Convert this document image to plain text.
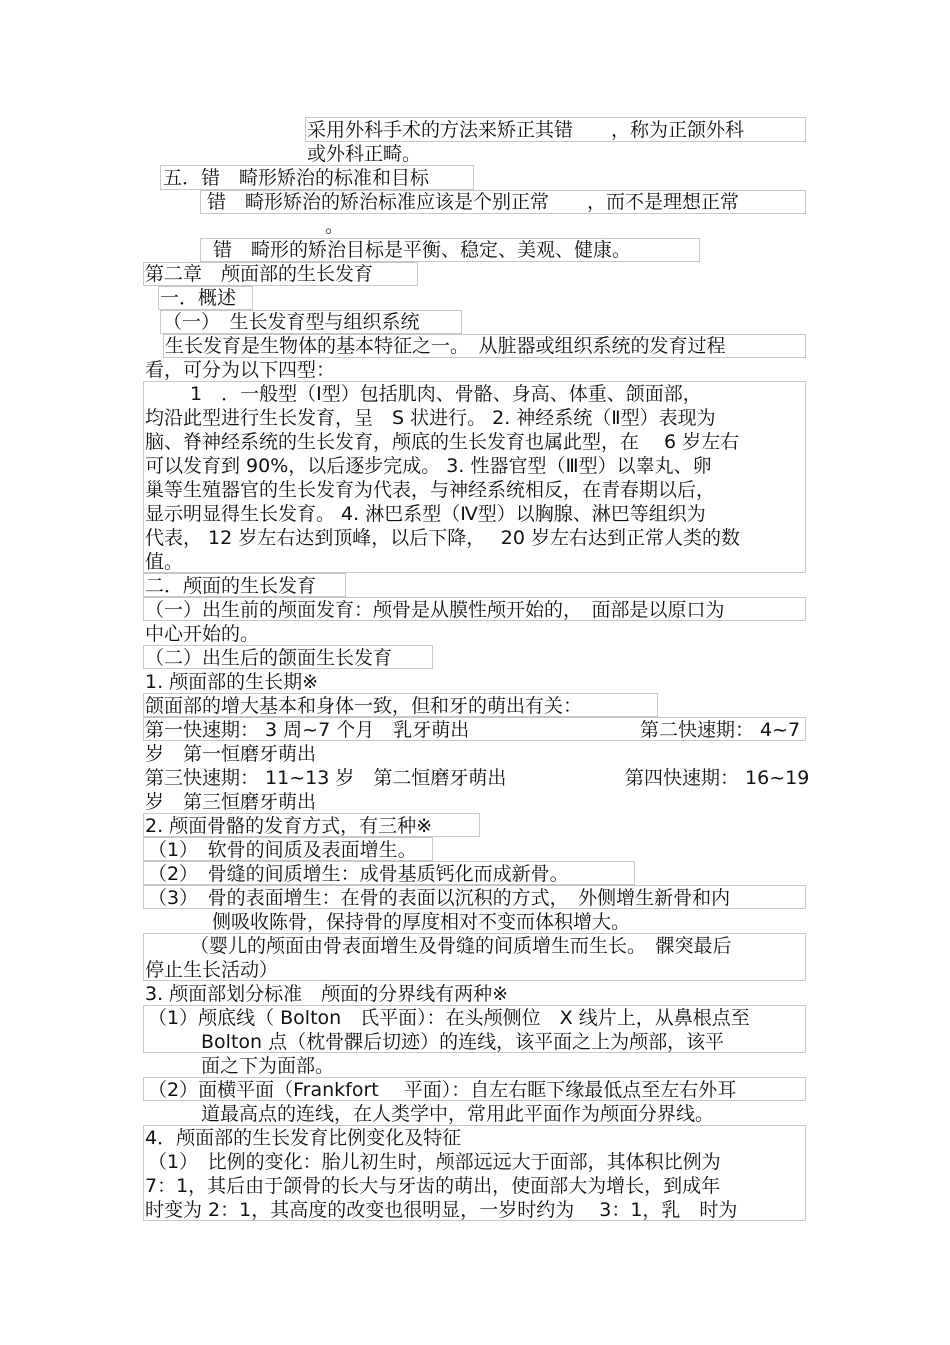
采用外科手术的方法来矫正其错　　，称为正颌外科
或外科正畸。
五．错　畸形矫治的标准和目标
错　畸形矫治的矫治标准应该是个别正常　　，而不是理想正常
。
错　畸形的矫治目标是平衡、稳定、美观、健康。
第二章　颅面部的生长发育
一．概述
（一）　生长发育型与组织系统
生长发育是生物体的基本特征之一。　从脏器或组织系统的发育过程
看，可分为以下四型：
1　．一般型（Ⅰ型）包括肌肉、骨骼、身高、体重、颌面部，
均沿此型进行生长发育，呈　S 状进行。 2. 神经系统（Ⅱ型）表现为
脑、脊神经系统的生长发育，颅底的生长发育也属此型，在　 6 岁左右
可以发育到 90%，以后逐步完成。 3. 性器官型（Ⅲ型）以睾丸、卵
巢等生殖器官的生长发育为代表，与神经系统相反，在青春期以后，
显示明显得生长发育。 4. 淋巴系型（Ⅳ型）以胸腺、淋巴等组织为
代表， 12 岁左右达到顶峰，以后下降，　 20 岁左右达到正常人类的数
值。
二．颅面的生长发育
（一）出生前的颅面发育：颅骨是从膜性颅开始的，　面部是以原口为
中心开始的。
（二）出生后的颌面生长发育
1. 颅面部的生长期※
颌面部的增大基本和身体一致，但和牙的萌出有关：
第一快速期： 3 周~7 个月　乳牙萌出	第二快速期： 4~7
岁　第一恒磨牙萌出
第三快速期： 11~13 岁　第二恒磨牙萌出	第四快速期： 16~19
岁　第三恒磨牙萌出
2. 颅面骨骼的发育方式，有三种※
（1）　软骨的间质及表面增生。
（2）　骨缝的间质增生：成骨基质钙化而成新骨。
（3）　骨的表面增生：在骨的表面以沉积的方式，　外侧增生新骨和内
侧吸收陈骨，保持骨的厚度相对不变而体积增大。
（婴儿的颅面由骨表面增生及骨缝的间质增生而生长。　髁突最后
停止生长活动）
3. 颅面部划分标准　颅面的分界线有两种※
（1）颅底线（ Bolton　氏平面）：在头颅侧位　X 线片上，从鼻根点至
Bolton 点（枕骨髁后切迹）的连线，该平面之上为颅部，该平
面之下为面部。
（2）面横平面（Frankfort　 平面）：自左右眶下缘最低点至左右外耳
道最高点的连线，在人类学中，常用此平面作为颅面分界线。
4．颅面部的生长发育比例变化及特征
（1）　比例的变化：胎儿初生时，颅部远远大于面部，其体积比例为
7：1，其后由于颌骨的长大与牙齿的萌出，使面部大为增长，到成年
时变为 2：1，其高度的改变也很明显，一岁时约为　 3：1，乳　时为
